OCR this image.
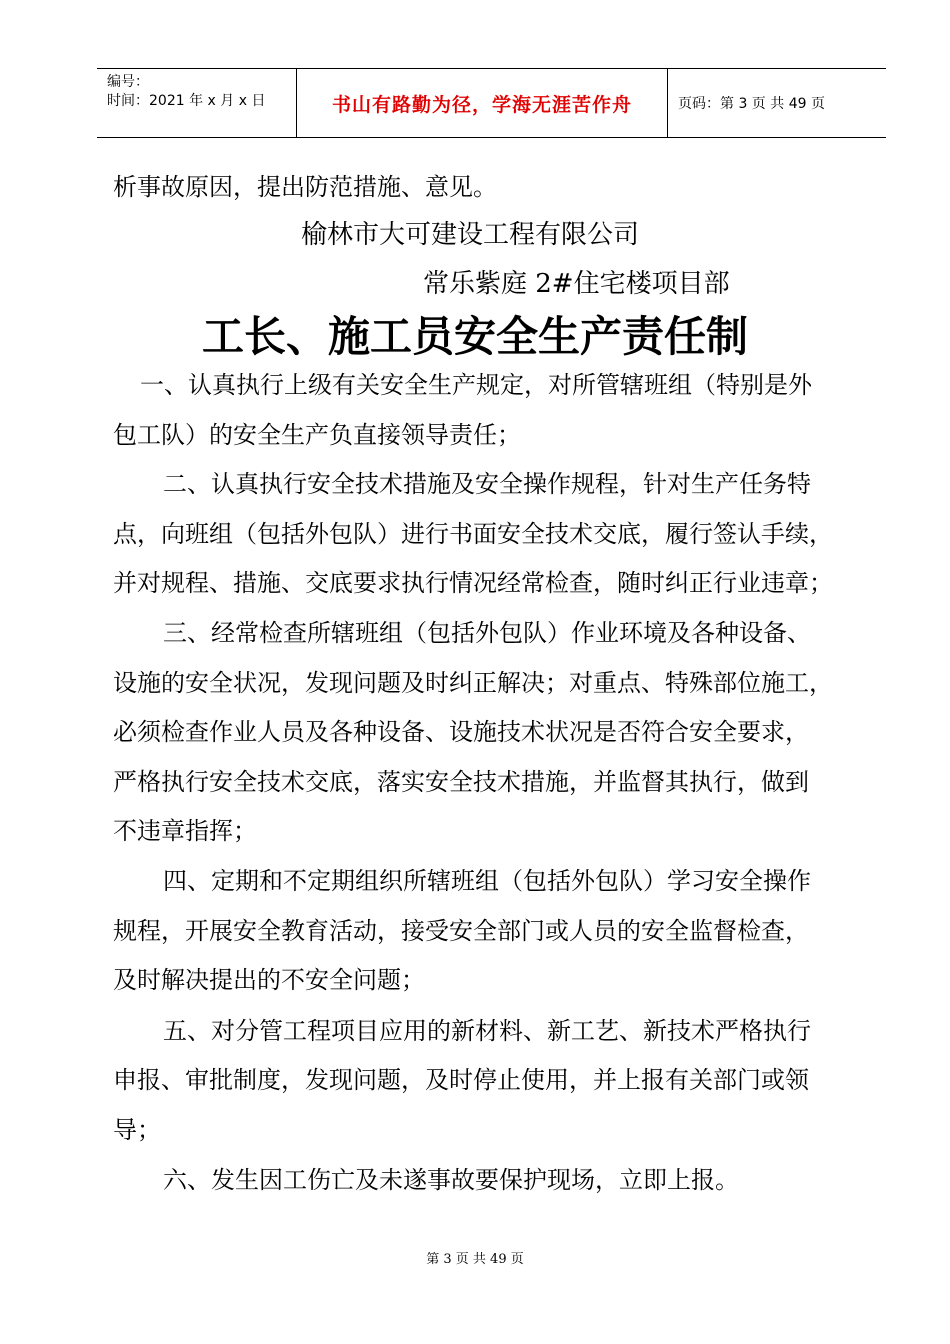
编号：
时间：2021 年 x 月 x 日	书山有路勤为径，学海无涯苦作舟	页码：第 3 页 共 49 页
析事故原因，提出防范措施、意见。
榆林市大可建设工程有限公司
常乐紫庭 2#住宅楼项目部
工长、施工员安全生产责任制
一、认真执行上级有关安全生产规定，对所管辖班组（特别是外
包工队）的安全生产负直接领导责任；
二、认真执行安全技术措施及安全操作规程，针对生产任务特
点，向班组（包括外包队）进行书面安全技术交底，履行签认手续，
并对规程、措施、交底要求执行情况经常检查，随时纠正行业违章；
三、经常检查所辖班组（包括外包队）作业环境及各种设备、
设施的安全状况，发现问题及时纠正解决；对重点、特殊部位施工，
必须检查作业人员及各种设备、设施技术状况是否符合安全要求，
严格执行安全技术交底，落实安全技术措施，并监督其执行，做到
不违章指挥；
四、定期和不定期组织所辖班组（包括外包队）学习安全操作
规程，开展安全教育活动，接受安全部门或人员的安全监督检查，
及时解决提出的不安全问题；
五、对分管工程项目应用的新材料、新工艺、新技术严格执行
申报、审批制度，发现问题，及时停止使用，并上报有关部门或领
导；
六、发生因工伤亡及未遂事故要保护现场，立即上报。
第 3 页 共 49 页
